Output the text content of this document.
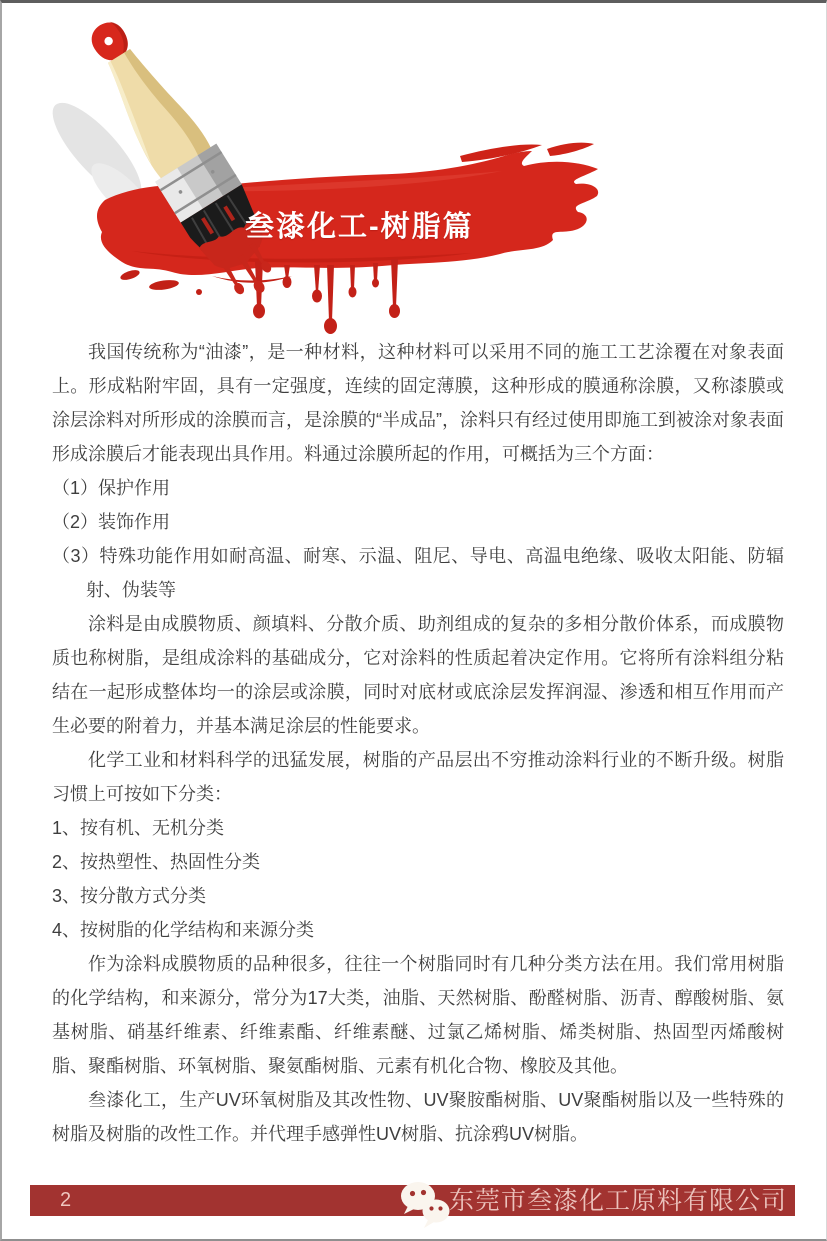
叁漆化工-树脂篇

我国传统称为“油漆”，是一种材料，这种材料可以采用不同的施工工艺涂覆在对象表面上。形成粘附牢固，具有一定强度，连续的固定薄膜，这种形成的膜通称涂膜，又称漆膜或涂层涂料对所形成的涂膜而言，是涂膜的“半成品”，涂料只有经过使用即施工到被涂对象表面形成涂膜后才能表现出具作用。料通过涂膜所起的作用，可概括为三个方面：

（1）保护作用

（2）装饰作用

（3）特殊功能作用如耐高温、耐寒、示温、阻尼、导电、高温电绝缘、吸收太阳能、防辐射、伪装等

涂料是由成膜物质、颜填料、分散介质、助剂组成的复杂的多相分散价体系，而成膜物质也称树脂，是组成涂料的基础成分，它对涂料的性质起着决定作用。它将所有涂料组分粘结在一起形成整体均一的涂层或涂膜，同时对底材或底涂层发挥润湿、渗透和相互作用而产生必要的附着力，并基本满足涂层的性能要求。

化学工业和材料科学的迅猛发展，树脂的产品层出不穷推动涂料行业的不断升级。树脂习惯上可按如下分类：

1、按有机、无机分类

2、按热塑性、热固性分类

3、按分散方式分类

4、按树脂的化学结构和来源分类

作为涂料成膜物质的品种很多，往往一个树脂同时有几种分类方法在用。我们常用树脂的化学结构，和来源分，常分为17大类，油脂、天然树脂、酚醛树脂、沥青、醇酸树脂、氨基树脂、硝基纤维素、纤维素酯、纤维素醚、过氯乙烯树脂、烯类树脂、热固型丙烯酸树脂、聚酯树脂、环氧树脂、聚氨酯树脂、元素有机化合物、橡胶及其他。

叁漆化工，生产UV环氧树脂及其改性物、UV聚胺酯树脂、UV聚酯树脂以及一些特殊的树脂及树脂的改性工作。并代理手感弹性UV树脂、抗涂鸦UV树脂。

2	东莞市叁漆化工原料有限公司
